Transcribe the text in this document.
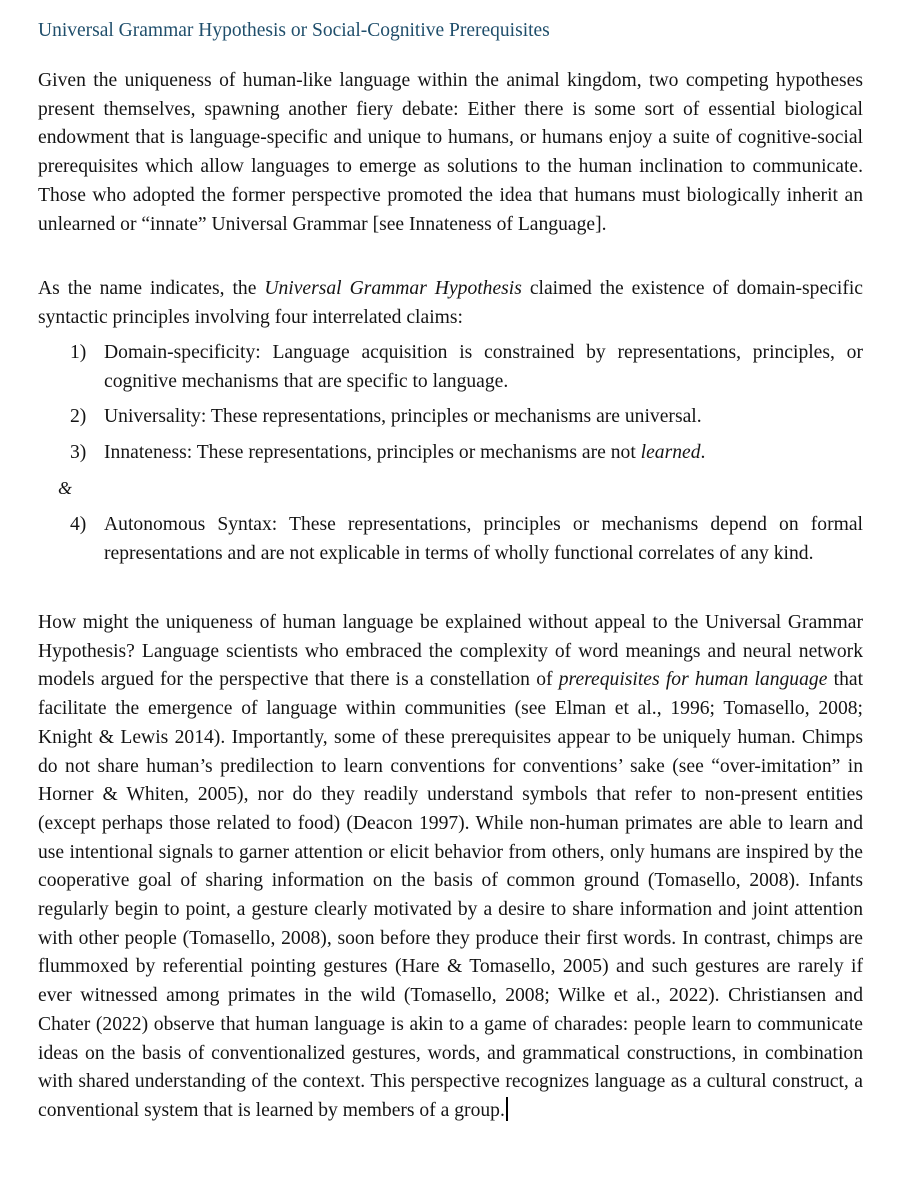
Universal Grammar Hypothesis or Social-Cognitive Prerequisites

Given the uniqueness of human-like language within the animal kingdom, two competing hypotheses present themselves, spawning another fiery debate: Either there is some sort of essential biological endowment that is language-specific and unique to humans, or humans enjoy a suite of cognitive-social prerequisites which allow languages to emerge as solutions to the human inclination to communicate. Those who adopted the former perspective promoted the idea that humans must biologically inherit an unlearned or “innate” Universal Grammar [see Innateness of Language].

As the name indicates, the Universal Grammar Hypothesis claimed the existence of domain-specific syntactic principles involving four interrelated claims:

1) Domain-specificity: Language acquisition is constrained by representations, principles, or cognitive mechanisms that are specific to language.
2) Universality: These representations, principles or mechanisms are universal.
3) Innateness: These representations, principles or mechanisms are not learned.
&
4) Autonomous Syntax: These representations, principles or mechanisms depend on formal representations and are not explicable in terms of wholly functional correlates of any kind.

How might the uniqueness of human language be explained without appeal to the Universal Grammar Hypothesis? Language scientists who embraced the complexity of word meanings and neural network models argued for the perspective that there is a constellation of prerequisites for human language that facilitate the emergence of language within communities (see Elman et al., 1996; Tomasello, 2008; Knight & Lewis 2014). Importantly, some of these prerequisites appear to be uniquely human. Chimps do not share human’s predilection to learn conventions for conventions’ sake (see “over-imitation” in Horner & Whiten, 2005), nor do they readily understand symbols that refer to non-present entities (except perhaps those related to food) (Deacon 1997). While non-human primates are able to learn and use intentional signals to garner attention or elicit behavior from others, only humans are inspired by the cooperative goal of sharing information on the basis of common ground (Tomasello, 2008). Infants regularly begin to point, a gesture clearly motivated by a desire to share information and joint attention with other people (Tomasello, 2008), soon before they produce their first words. In contrast, chimps are flummoxed by referential pointing gestures (Hare & Tomasello, 2005) and such gestures are rarely if ever witnessed among primates in the wild (Tomasello, 2008; Wilke et al., 2022). Christiansen and Chater (2022) observe that human language is akin to a game of charades: people learn to communicate ideas on the basis of conventionalized gestures, words, and grammatical constructions, in combination with shared understanding of the context. This perspective recognizes language as a cultural construct, a conventional system that is learned by members of a group.
